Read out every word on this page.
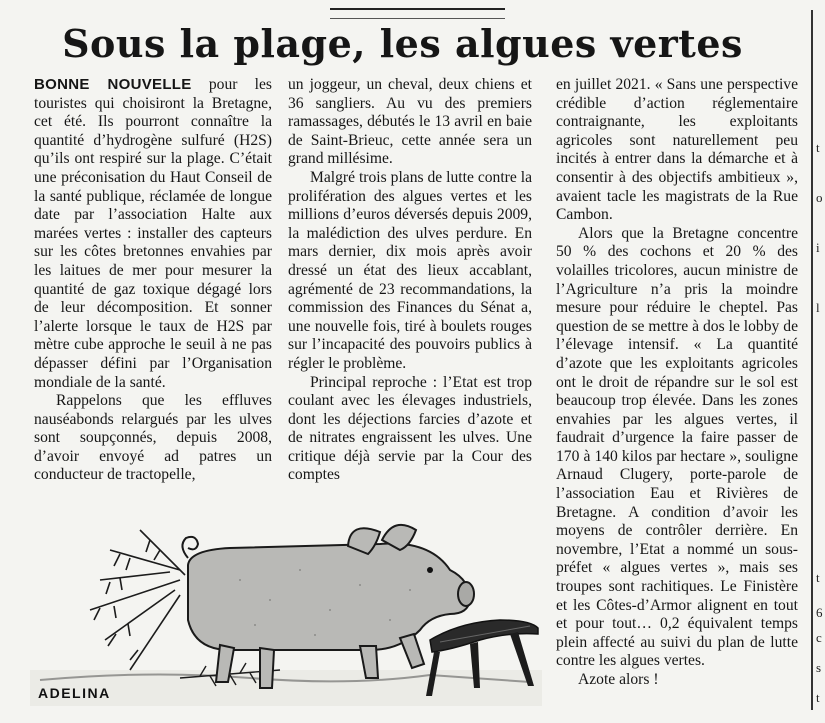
Sous la plage, les algues vertes

BONNE NOUVELLE pour les touristes qui choisiront la Bretagne, cet été. Ils pourront connaître la quantité d’hydrogène sulfuré (H2S) qu’ils ont respiré sur la plage. C’était une préconisation du Haut Conseil de la santé publique, réclamée de longue date par l’association Halte aux marées vertes : installer des capteurs sur les côtes bretonnes envahies par les laitues de mer pour mesurer la quantité de gaz toxique dégagé lors de leur décomposition. Et sonner l’alerte lorsque le taux de H2S par mètre cube approche le seuil à ne pas dépasser défini par l’Organisation mondiale de la santé.

Rappelons que les effluves nauséabonds relargués par les ulves sont soupçonnés, depuis 2008, d’avoir envoyé ad patres un conducteur de tractopelle,

un joggeur, un cheval, deux chiens et 36 sangliers. Au vu des premiers ramassages, débutés le 13 avril en baie de Saint-Brieuc, cette année sera un grand millésime.

Malgré trois plans de lutte contre la prolifération des algues vertes et les millions d’euros déversés depuis 2009, la malédiction des ulves perdure. En mars dernier, dix mois après avoir dressé un état des lieux accablant, agrémenté de 23 recommandations, la commission des Finances du Sénat a, une nouvelle fois, tiré à boulets rouges sur l’incapacité des pouvoirs publics à régler le problème.

Principal reproche : l’Etat est trop coulant avec les élevages industriels, dont les déjections farcies d’azote et de nitrates engraissent les ulves. Une critique déjà servie par la Cour des comptes

en juillet 2021. « Sans une perspective crédible d’action réglementaire contraignante, les exploitants agricoles sont naturellement peu incités à entrer dans la démarche et à consentir à des objectifs ambitieux », avaient tacle les magistrats de la Rue Cambon.

Alors que la Bretagne concentre 50 % des cochons et 20 % des volailles tricolores, aucun ministre de l’Agriculture n’a pris la moindre mesure pour réduire le cheptel. Pas question de se mettre à dos le lobby de l’élevage intensif. « La quantité d’azote que les exploitants agricoles ont le droit de répandre sur le sol est beaucoup trop élevée. Dans les zones envahies par les algues vertes, il faudrait d’urgence la faire passer de 170 à 140 kilos par hectare », souligne Arnaud Clugery, porte-parole de l’association Eau et Rivières de Bretagne. A condition d’avoir les moyens de contrôler derrière. En novembre, l’Etat a nommé un sous-préfet « algues vertes », mais ses troupes sont rachitiques. Le Finistère et les Côtes-d’Armor alignent en tout et pour tout… 0,2 équivalent temps plein affecté au suivi du plan de lutte contre les algues vertes.

Azote alors !

ADELINA
t
o
i
l
t
6
c
s
t
